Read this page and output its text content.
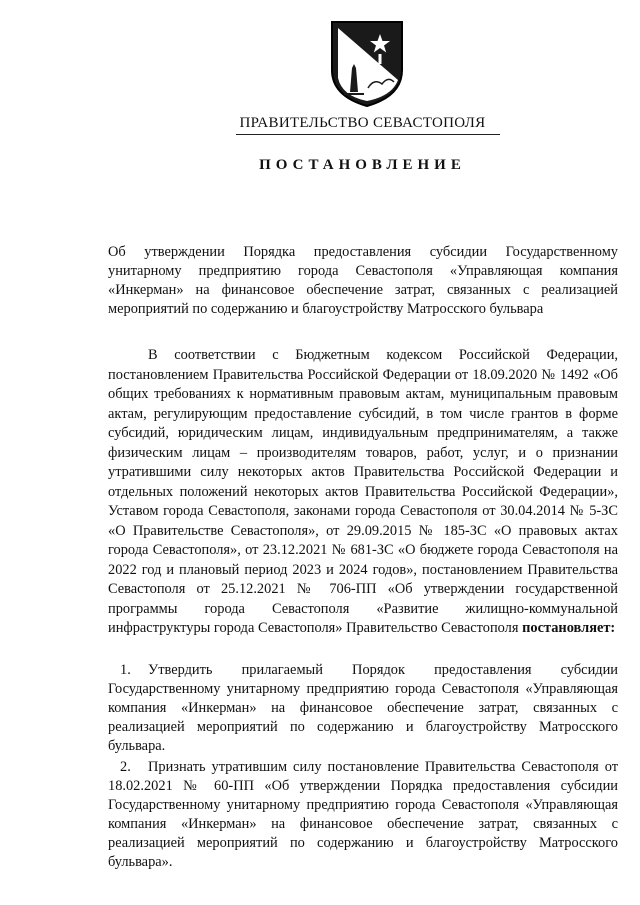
ПРАВИТЕЛЬСТВО СЕВАСТОПОЛЯ
ПОСТАНОВЛЕНИЕ
Об утверждении Порядка предоставления субсидии Государственному унитарному предприятию города Севастополя «Управляющая компания «Инкерман» на финансовое обеспечение затрат, связанных с реализацией мероприятий по содержанию и благоустройству Матросского бульвара
В соответствии с Бюджетным кодексом Российской Федерации, постановлением Правительства Российской Федерации от 18.09.2020 № 1492 «Об общих требованиях к нормативным правовым актам, муниципальным правовым актам, регулирующим предоставление субсидий, в том числе грантов в форме субсидий, юридическим лицам, индивидуальным предпринимателям, а также физическим лицам – производителям товаров, работ, услуг, и о признании утратившими силу некоторых актов Правительства Российской Федерации и отдельных положений некоторых актов Правительства Российской Федерации», Уставом города Севастополя, законами города Севастополя от 30.04.2014 № 5-ЗС «О Правительстве Севастополя», от 29.09.2015 № 185-ЗС «О правовых актах города Севастополя», от 23.12.2021 № 681-ЗС «О бюджете города Севастополя на 2022 год и плановый период 2023 и 2024 годов», постановлением Правительства Севастополя от 25.12.2021 № 706-ПП «Об утверждении государственной программы города Севастополя «Развитие жилищно-коммунальной инфраструктуры города Севастополя» Правительство Севастополя постановляет:

1. Утвердить прилагаемый Порядок предоставления субсидии Государственному унитарному предприятию города Севастополя «Управляющая компания «Инкерман» на финансовое обеспечение затрат, связанных с реализацией мероприятий по содержанию и благоустройству Матросского бульвара.

2. Признать утратившим силу постановление Правительства Севастополя от 18.02.2021 № 60-ПП «Об утверждении Порядка предоставления субсидии Государственному унитарному предприятию города Севастополя «Управляющая компания «Инкерман» на финансовое обеспечение затрат, связанных с реализацией мероприятий по содержанию и благоустройству Матросского бульвара».
